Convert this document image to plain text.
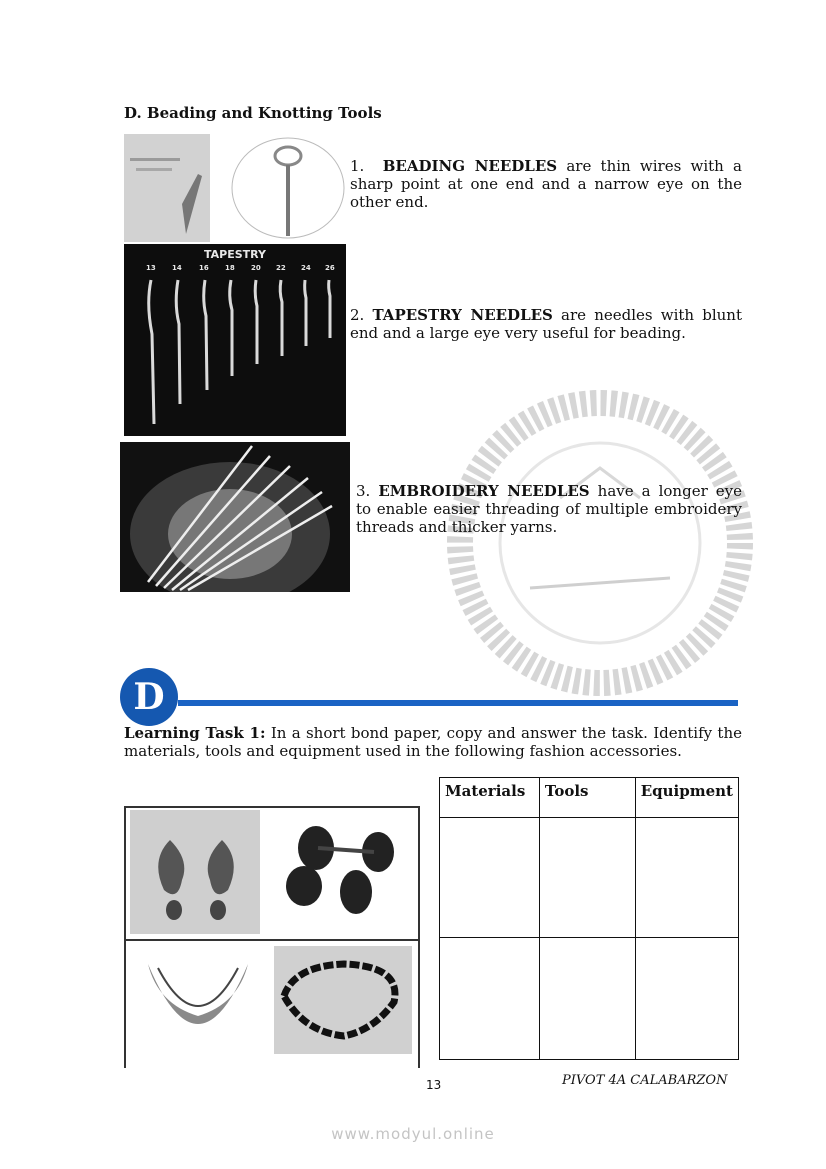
D. Beading and Knotting Tools
1. BEADING NEEDLES are thin wires with a sharp point at one end and a narrow eye on the other end.
TAPESTRY
13 14 16 18 20 22 24 26
2. TAPESTRY NEEDLES are needles with blunt end and a large eye very useful for beading.
3. EMBROIDERY NEEDLES have a longer eye to enable easier threading of multiple embroidery threads and thicker yarns.
D
Learning Task 1: In a short bond paper, copy and answer the task. Identify the materials, tools and equipment used in the following fashion accessories.
Materials	Tools	Equipment

13	PIVOT 4A CALABARZON
www.modyul.online
